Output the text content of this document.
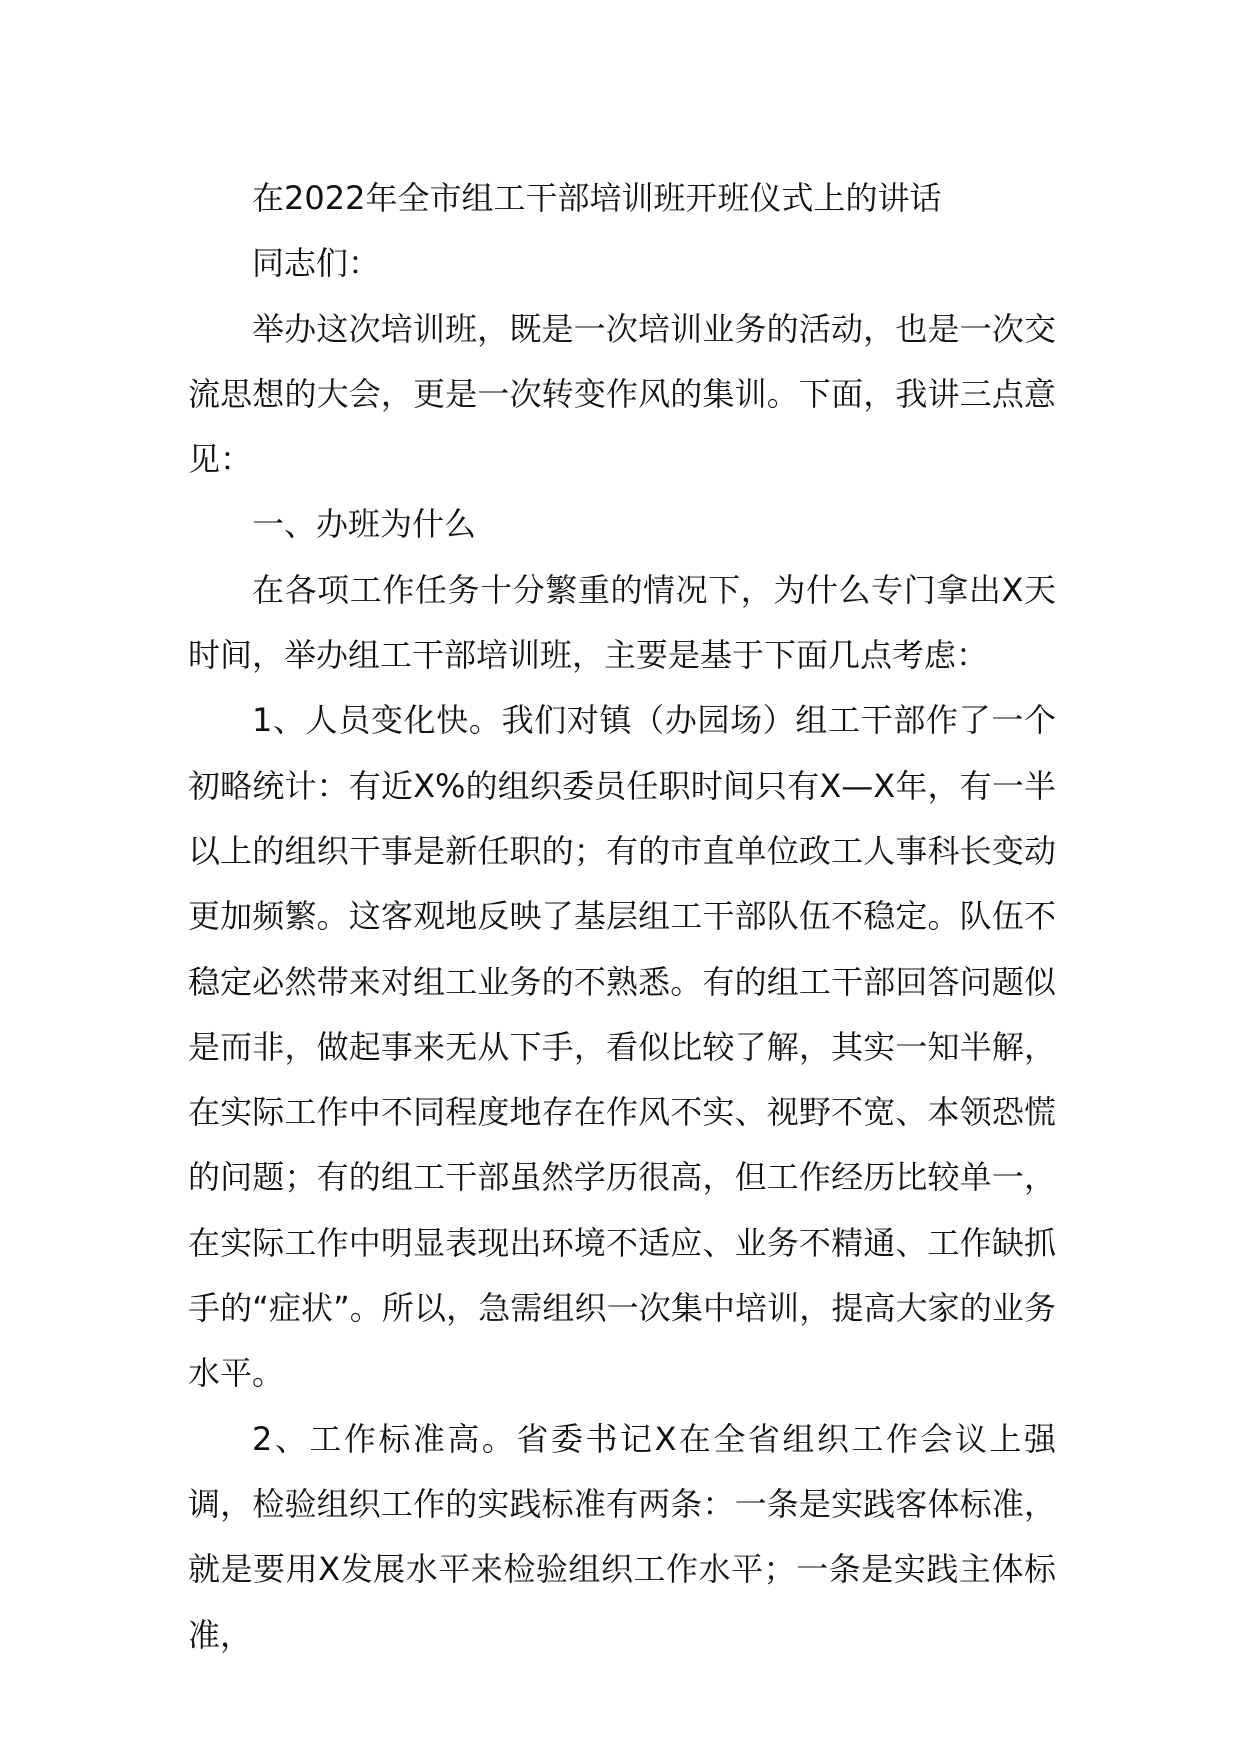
在2022年全市组工干部培训班开班仪式上的讲话

同志们：

举办这次培训班，既是一次培训业务的活动，也是一次交流思想的大会，更是一次转变作风的集训。下面，我讲三点意见：

一、办班为什么

在各项工作任务十分繁重的情况下，为什么专门拿出X天时间，举办组工干部培训班，主要是基于下面几点考虑：

1、人员变化快。我们对镇（办园场）组工干部作了一个初略统计：有近X%的组织委员任职时间只有X—X年，有一半以上的组织干事是新任职的；有的市直单位政工人事科长变动更加频繁。这客观地反映了基层组工干部队伍不稳定。队伍不稳定必然带来对组工业务的不熟悉。有的组工干部回答问题似是而非，做起事来无从下手，看似比较了解，其实一知半解，在实际工作中不同程度地存在作风不实、视野不宽、本领恐慌的问题；有的组工干部虽然学历很高，但工作经历比较单一，在实际工作中明显表现出环境不适应、业务不精通、工作缺抓手的“症状”。所以，急需组织一次集中培训，提高大家的业务水平。

2、工作标准高。省委书记X在全省组织工作会议上强调，检验组织工作的实践标准有两条：一条是实践客体标准，就是要用X发展水平来检验组织工作水平；一条是实践主体标准，
